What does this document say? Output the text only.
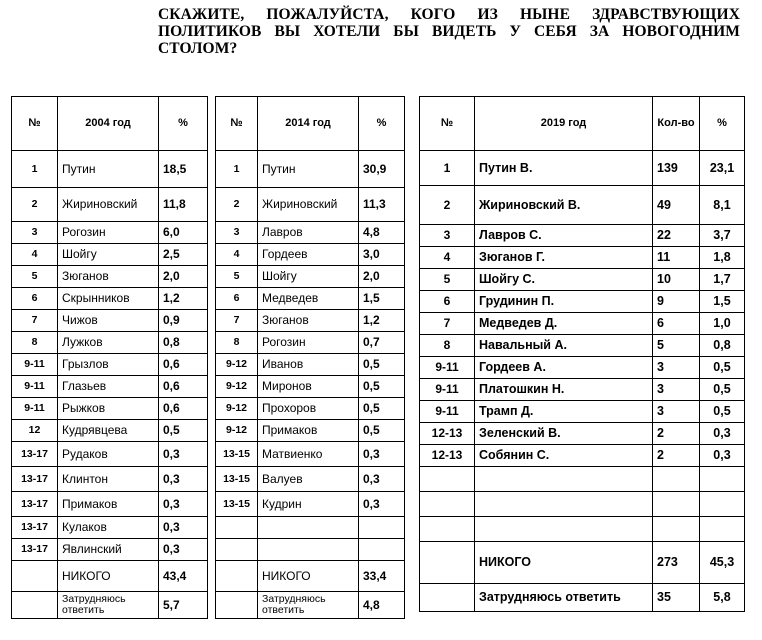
СКАЖИТЕ, ПОЖАЛУЙСТА, КОГО ИЗ НЫНЕ ЗДРАВСТВУЮЩИХ ПОЛИТИКОВ ВЫ ХОТЕЛИ БЫ ВИДЕТЬ У СЕБЯ ЗА НОВОГОДНИМ СТОЛОМ?
№	2004 год	%
1	Путин	18,5
2	Жириновский	11,8
3	Рогозин	6,0
4	Шойгу	2,5
5	Зюганов	2,0
6	Скрынников	1,2
7	Чижов	0,9
8	Лужков	0,8
9-11	Грызлов	0,6
9-11	Глазьев	0,6
9-11	Рыжков	0,6
12	Кудрявцева	0,5
13-17	Рудаков	0,3
13-17	Клинтон	0,3
13-17	Примаков	0,3
13-17	Кулаков	0,3
13-17	Явлинский	0,3
	НИКОГО	43,4
	Затрудняюсь ответить	5,7
№	2014 год	%
1	Путин	30,9
2	Жириновский	11,3
3	Лавров	4,8
4	Гордеев	3,0
5	Шойгу	2,0
6	Медведев	1,5
7	Зюганов	1,2
8	Рогозин	0,7
9-12	Иванов	0,5
9-12	Миронов	0,5
9-12	Прохоров	0,5
9-12	Примаков	0,5
13-15	Матвиенко	0,3
13-15	Валуев	0,3
13-15	Кудрин	0,3

	НИКОГО	33,4
	Затрудняюсь ответить	4,8
№	2019 год	Кол-во	%
1	Путин В.	139	23,1
2	Жириновский В.	49	8,1
3	Лавров С.	22	3,7
4	Зюганов Г.	11	1,8
5	Шойгу С.	10	1,7
6	Грудинин П.	9	1,5
7	Медведев Д.	6	1,0
8	Навальный А.	5	0,8
9-11	Гордеев А.	3	0,5
9-11	Платошкин Н.	3	0,5
9-11	Трамп Д.	3	0,5
12-13	Зеленский В.	2	0,3
12-13	Собянин С.	2	0,3

	НИКОГО	273	45,3
	Затрудняюсь ответить	35	5,8
